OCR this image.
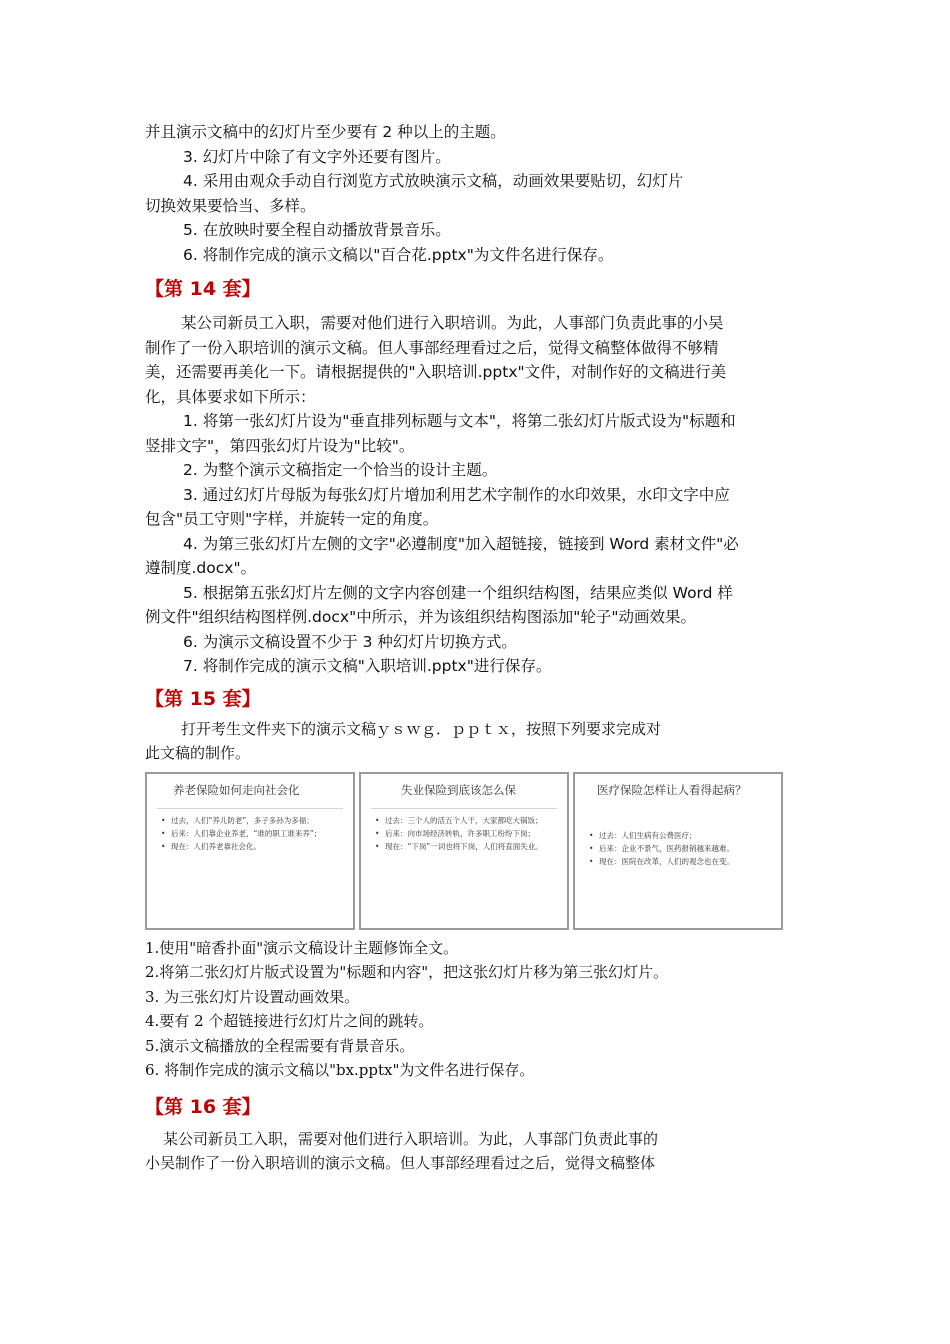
并且演示文稿中的幻灯片至少要有 2 种以上的主题。
3. 幻灯片中除了有文字外还要有图片。
4. 采用由观众手动自行浏览方式放映演示文稿，动画效果要贴切，幻灯片
切换效果要恰当、多样。
5. 在放映时要全程自动播放背景音乐。
6. 将制作完成的演示文稿以"百合花.pptx"为文件名进行保存。
【第 14 套】
某公司新员工入职，需要对他们进行入职培训。为此，人事部门负责此事的小吴
制作了一份入职培训的演示文稿。但人事部经理看过之后，觉得文稿整体做得不够精
美，还需要再美化一下。请根据提供的"入职培训.pptx"文件，对制作好的文稿进行美
化，具体要求如下所示：
1. 将第一张幻灯片设为"垂直排列标题与文本"，将第二张幻灯片版式设为"标题和
竖排文字"，第四张幻灯片设为"比较"。
2. 为整个演示文稿指定一个恰当的设计主题。
3. 通过幻灯片母版为每张幻灯片增加利用艺术字制作的水印效果，水印文字中应
包含"员工守则"字样，并旋转一定的角度。
4. 为第三张幻灯片左侧的文字"必遵制度"加入超链接，链接到 Word 素材文件"必
遵制度.docx"。
5. 根据第五张幻灯片左侧的文字内容创建一个组织结构图，结果应类似 Word 样
例文件"组织结构图样例.docx"中所示，并为该组织结构图添加"轮子"动画效果。
6. 为演示文稿设置不少于 3 种幻灯片切换方式。
7. 将制作完成的演示文稿"入职培训.pptx"进行保存。
【第 15 套】
打开考生文件夹下的演示文稿ｙｓｗｇ．ｐｐｔｘ，按照下列要求完成对
此文稿的制作。
养老保险如何走向社会化
• 过去，人们“养儿防老”，多子多孙为多福；
• 后来：人们靠企业养老，“谁的职工谁来养”；
• 现在：人们养老靠社会化。
失业保险到底该怎么保
• 过去：三个人的活五个人干，大家都吃大锅饭；
• 后来：向市场经济转轨，许多职工纷纷下岗；
• 现在：“下岗”一词也将下岗，人们将直面失业。
医疗保险怎样让人看得起病？
• 过去：人们生病有公费医疗；
• 后来：企业不景气，医药报销越来越难。
• 现在：医院在改革，人们的观念也在变。
1.使用"暗香扑面"演示文稿设计主题修饰全文。
2.将第二张幻灯片版式设置为"标题和内容"，把这张幻灯片移为第三张幻灯片。
3. 为三张幻灯片设置动画效果。
4.要有 2 个超链接进行幻灯片之间的跳转。
5.演示文稿播放的全程需要有背景音乐。
6. 将制作完成的演示文稿以"bx.pptx"为文件名进行保存。
【第 16 套】
某公司新员工入职，需要对他们进行入职培训。为此，人事部门负责此事的
小吴制作了一份入职培训的演示文稿。但人事部经理看过之后，觉得文稿整体
